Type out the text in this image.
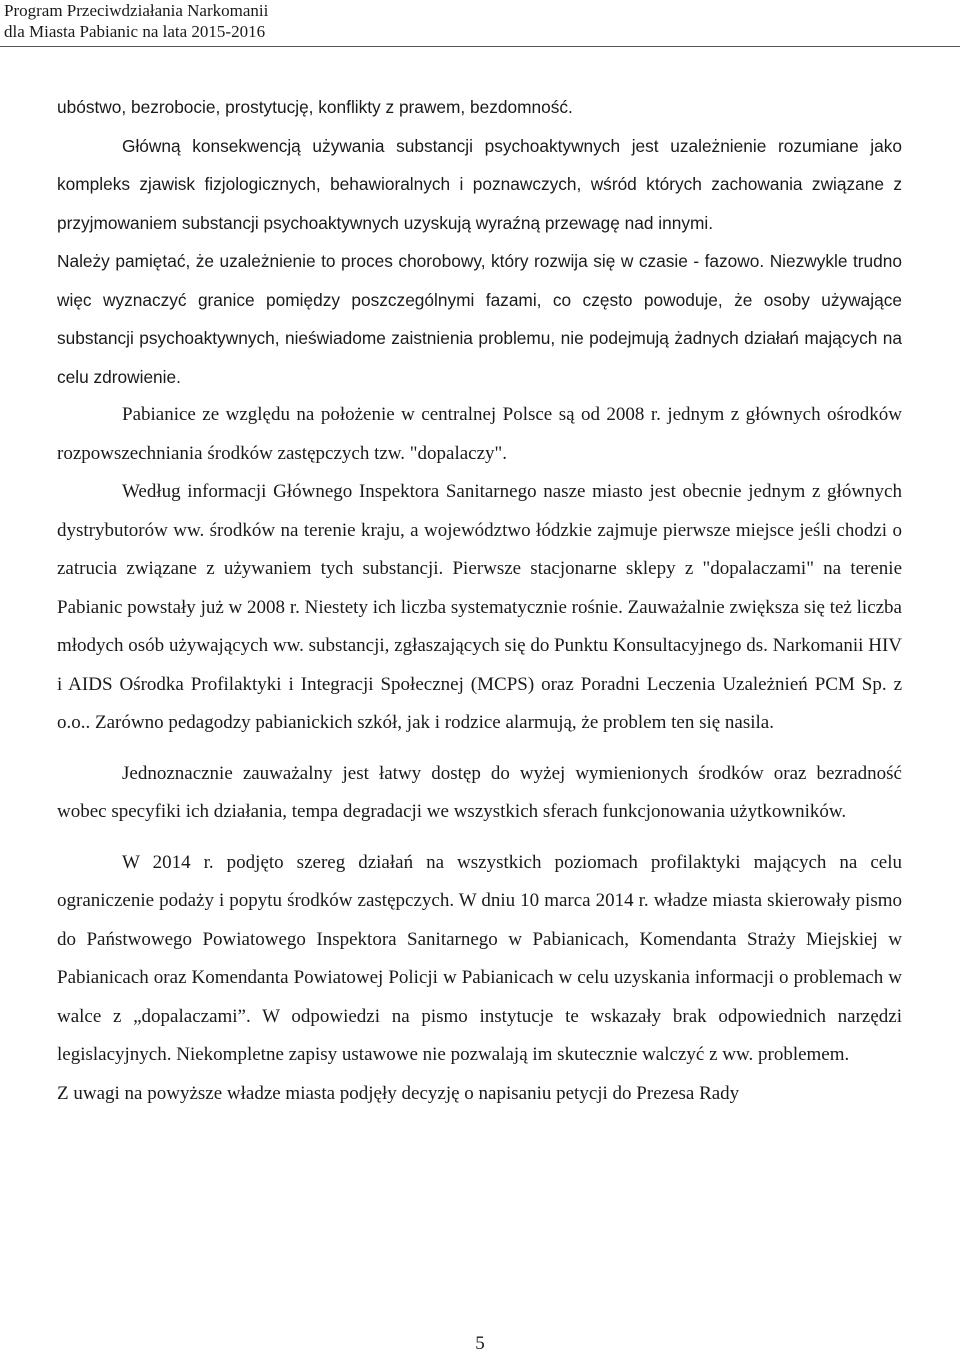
Program Przeciwdziałania Narkomanii
dla Miasta Pabianic na lata 2015-2016

ubóstwo, bezrobocie, prostytucję, konflikty z prawem, bezdomność.

Główną konsekwencją używania substancji psychoaktywnych jest uzależnienie rozumiane jako kompleks zjawisk fizjologicznych, behawioralnych i poznawczych, wśród których zachowania związane z przyjmowaniem substancji psychoaktywnych uzyskują wyraźną przewagę nad innymi.

Należy pamiętać, że uzależnienie to proces chorobowy, który rozwija się w czasie - fazowo. Niezwykle trudno więc wyznaczyć granice pomiędzy poszczególnymi fazami, co często powoduje, że osoby używające substancji psychoaktywnych, nieświadome zaistnienia problemu, nie podejmują żadnych działań mających na celu zdrowienie.

Pabianice ze względu na położenie w centralnej Polsce są od 2008 r. jednym z głównych ośrodków rozpowszechniania środków zastępczych tzw. "dopalaczy".

Według informacji Głównego Inspektora Sanitarnego nasze miasto jest obecnie jednym z głównych dystrybutorów ww. środków na terenie kraju, a województwo łódzkie zajmuje pierwsze miejsce jeśli chodzi o zatrucia związane z używaniem tych substancji. Pierwsze stacjonarne sklepy z "dopalaczami" na terenie Pabianic powstały już w 2008 r. Niestety ich liczba systematycznie rośnie. Zauważalnie zwiększa się też liczba młodych osób używających ww. substancji, zgłaszających się do Punktu Konsultacyjnego ds. Narkomanii HIV i AIDS Ośrodka Profilaktyki i Integracji Społecznej (MCPS) oraz Poradni Leczenia Uzależnień PCM Sp. z o.o.. Zarówno pedagodzy pabianickich szkół, jak i rodzice alarmują, że problem ten się nasila.

Jednoznacznie zauważalny jest łatwy dostęp do wyżej wymienionych środków oraz bezradność wobec specyfiki ich działania, tempa degradacji we wszystkich sferach funkcjonowania użytkowników.

W 2014 r. podjęto szereg działań na wszystkich poziomach profilaktyki mających na celu ograniczenie podaży i popytu środków zastępczych. W dniu 10 marca 2014 r. władze miasta skierowały pismo do Państwowego Powiatowego Inspektora Sanitarnego w Pabianicach, Komendanta Straży Miejskiej w Pabianicach oraz Komendanta Powiatowej Policji w Pabianicach w celu uzyskania informacji o problemach w walce z „dopalaczami”. W odpowiedzi na pismo instytucje te wskazały brak odpowiednich narzędzi legislacyjnych. Niekompletne zapisy ustawowe nie pozwalają im skutecznie walczyć z ww. problemem.

Z uwagi na powyższe władze miasta podjęły decyzję o napisaniu petycji do Prezesa Rady

5
